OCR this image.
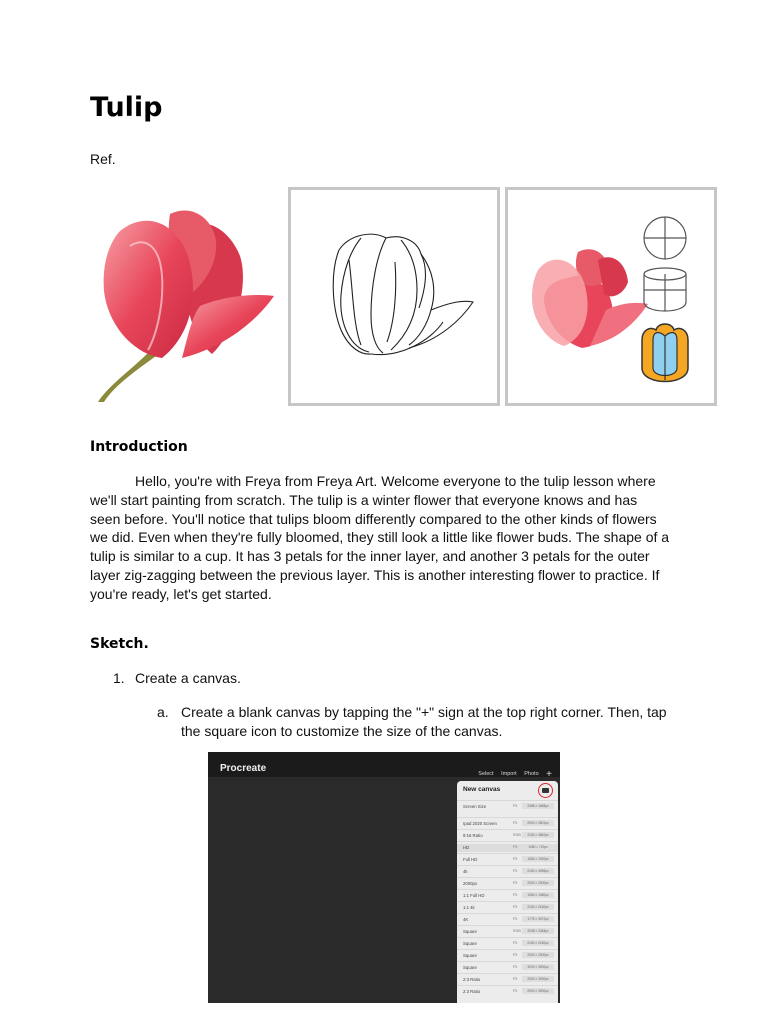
Tulip
Ref.
Introduction

Hello, you're with Freya from Freya Art. Welcome everyone to the tulip lesson where we'll start painting from scratch. The tulip is a winter flower that everyone knows and has seen before. You'll notice that tulips bloom differently compared to the other kinds of flowers we did. Even when they're fully bloomed, they still look a little like flower buds. The shape of a tulip is similar to a cup. It has 3 petals for the inner layer, and another 3 petals for the outer layer zig-zagging between the previous layer. This is another interesting flower to practice. If you're ready, let's get started.

Sketch.
1. Create a canvas.
a. Create a blank canvas by tapping the "+" sign at the top right corner. Then, tap the square icon to customize the size of the canvas.
Procreate	Select Import Photo +
New canvas
Screen Size	P3	2388 × 1668px
Ipad 2020 Screen	P3	2000 × 2801px
9:16 Ratio	RGB	2160 × 3840px
HD	P3	1080 × 720px
Full HD	P3	1080 × 1920px
4k	P3	2160 × 4096px
2000px	P3	2000 × 2000px
1:1 Full HD	P3	1080 × 1080px
1:1 4k	P3	2160 × 2160px
4K	P3	1776 × 3072px
Square	RGB	2048 × 2048px
Square	P3	2160 × 2160px
Square	P3	2000 × 2000px
Square	P3	3000 × 3000px
2:3 Ratio	P3	2000 × 3000px
2:3 Ratio	P3	2000 × 3000px
